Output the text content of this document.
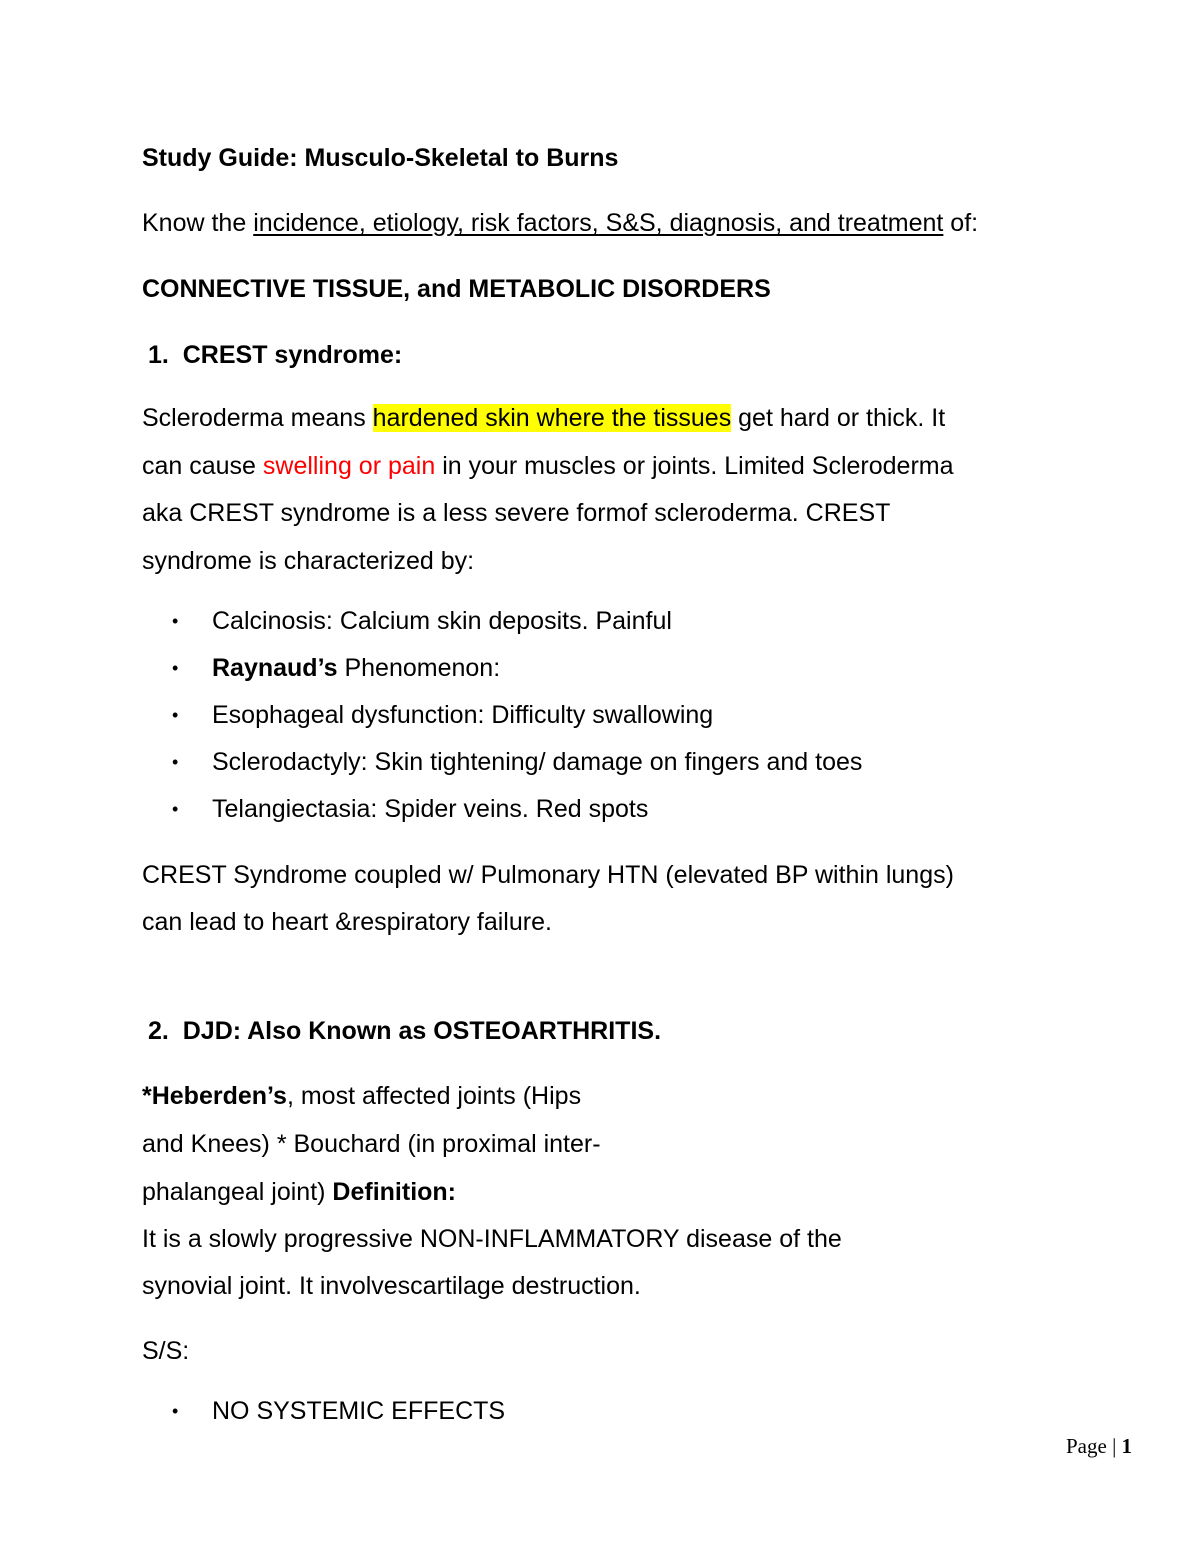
Study Guide: Musculo-Skeletal to Burns
Know the incidence, etiology, risk factors, S&S, diagnosis, and treatment of:
CONNECTIVE TISSUE, and METABOLIC DISORDERS
1.  CREST syndrome:
Scleroderma means hardened skin where the tissues get hard or thick. It
can cause swelling or pain in your muscles or joints. Limited Scleroderma
aka CREST syndrome is a less severe formof scleroderma. CREST
syndrome is characterized by:
• Calcinosis: Calcium skin deposits. Painful
• Raynaud’s Phenomenon:
• Esophageal dysfunction: Difficulty swallowing
• Sclerodactyly: Skin tightening/ damage on fingers and toes
• Telangiectasia: Spider veins. Red spots
CREST Syndrome coupled w/ Pulmonary HTN (elevated BP within lungs)
can lead to heart &respiratory failure.
2.  DJD: Also Known as OSTEOARTHRITIS.
*Heberden’s, most affected joints (Hips
and Knees) * Bouchard (in proximal inter-
phalangeal joint) Definition:
It is a slowly progressive NON-INFLAMMATORY disease of the
synovial joint. It involvescartilage destruction.
S/S:
• NO SYSTEMIC EFFECTS
Page | 1
